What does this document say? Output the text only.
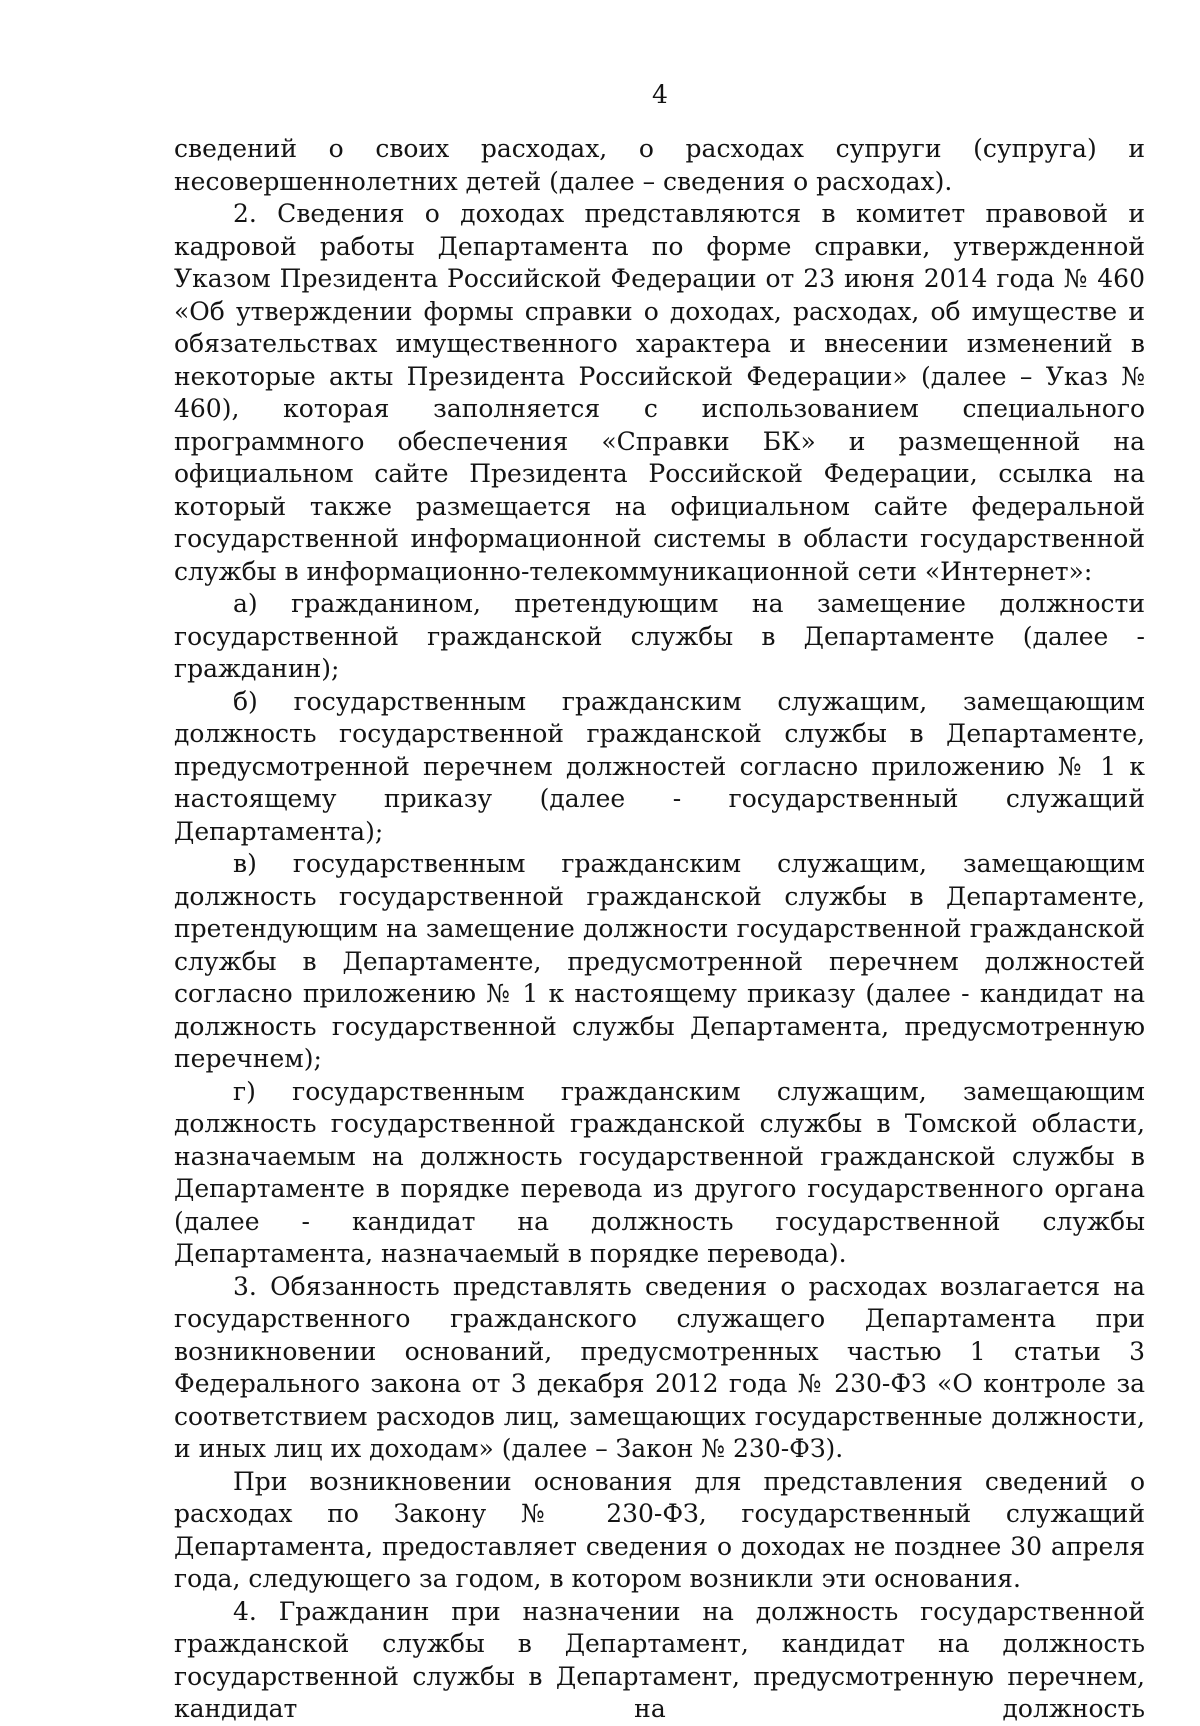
4

сведений о своих расходах, о расходах супруги (супруга) и несовершеннолетних детей (далее – сведения о расходах).

2. Сведения о доходах представляются в комитет правовой и кадровой работы Департамента по форме справки, утвержденной Указом Президента Российской Федерации от 23 июня 2014 года № 460 «Об утверждении формы справки о доходах, расходах, об имуществе и обязательствах имущественного характера и внесении изменений в некоторые акты Президента Российской Федерации» (далее – Указ № 460), которая заполняется с использованием специального программного обеспечения «Справки БК» и размещенной на официальном сайте Президента Российской Федерации, ссылка на который также размещается на официальном сайте федеральной государственной информационной системы в области государственной службы в информационно-телекоммуникационной сети «Интернет»:

а) гражданином, претендующим на замещение должности государственной гражданской службы в Департаменте (далее - гражданин);

б) государственным гражданским служащим, замещающим должность государственной гражданской службы в Департаменте, предусмотренной перечнем должностей согласно приложению № 1 к настоящему приказу (далее - государственный служащий Департамента);

в) государственным гражданским служащим, замещающим должность государственной гражданской службы в Департаменте, претендующим на замещение должности государственной гражданской службы в Департаменте, предусмотренной перечнем должностей согласно приложению № 1 к настоящему приказу (далее - кандидат на должность государственной службы Департамента, предусмотренную перечнем);

г) государственным гражданским служащим, замещающим должность государственной гражданской службы в Томской области, назначаемым на должность государственной гражданской службы в Департаменте в порядке перевода из другого государственного органа (далее - кандидат на должность государственной службы Департамента, назначаемый в порядке перевода).

3. Обязанность представлять сведения о расходах возлагается на государственного гражданского служащего Департамента при возникновении оснований, предусмотренных частью 1 статьи 3 Федерального закона от 3 декабря 2012 года № 230-ФЗ «О контроле за соответствием расходов лиц, замещающих государственные должности, и иных лиц их доходам» (далее – Закон № 230-ФЗ).

При возникновении основания для представления сведений о расходах по Закону № 230-ФЗ, государственный служащий Департамента, предоставляет сведения о доходах не позднее 30 апреля года, следующего за годом, в котором возникли эти основания.

4. Гражданин при назначении на должность государственной гражданской службы в Департамент, кандидат на должность государственной службы в Департамент, предусмотренную перечнем, кандидат на должность
